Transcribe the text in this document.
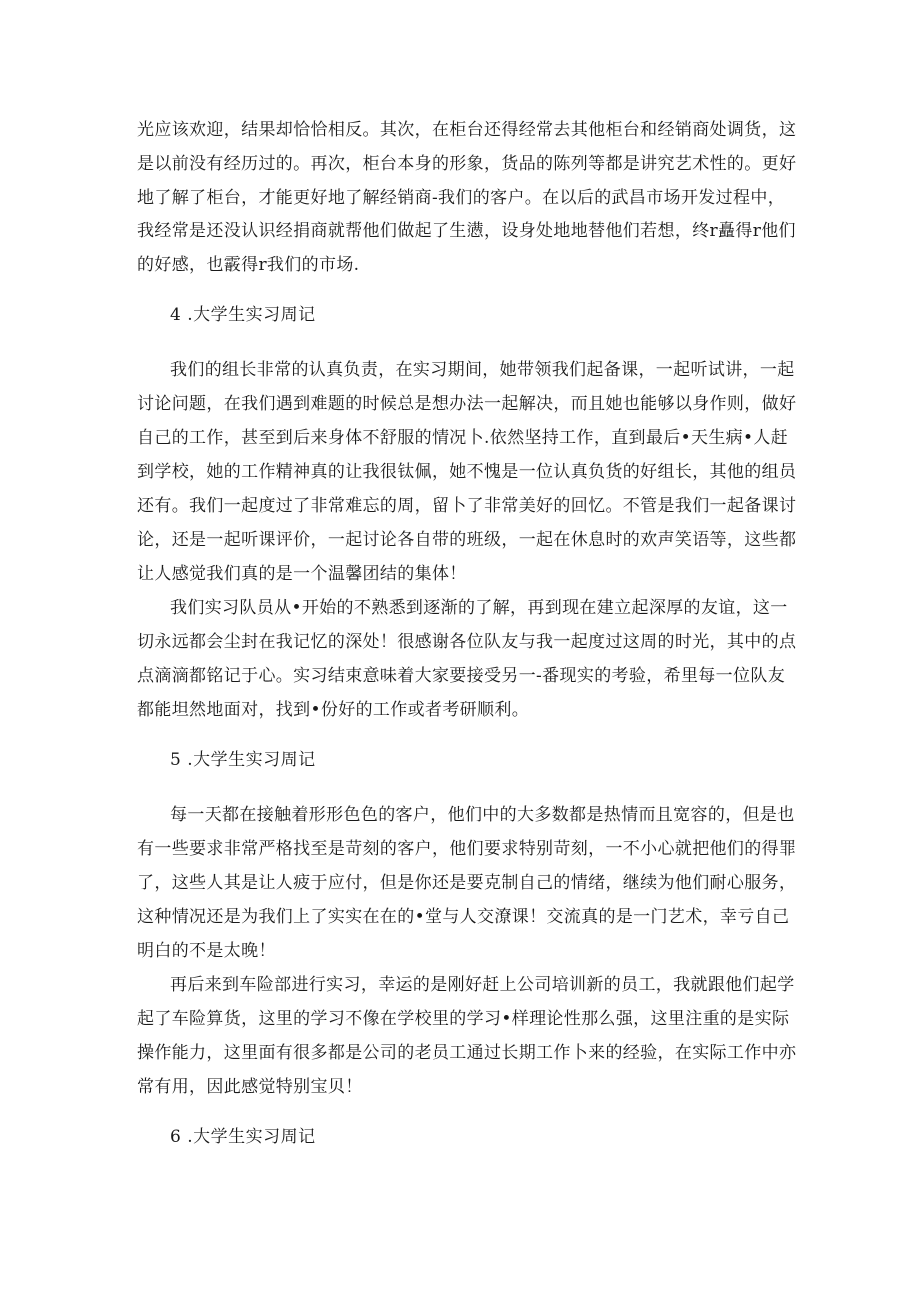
光应该欢迎，结果却恰恰相反。其次，在柜台还得经常去其他柜台和经销商处调货，这
是以前没有经历过的。再次，柜台本身的形象，货品的陈列等都是讲究艺术性的。更好
地了解了柜台，才能更好地了解经销商-我们的客户。在以后的武昌市场开发过程中，
我经常是还没认识经捐商就帮他们做起了生懑，设身处地地替他们若想，终r矗得r他们
的好感，也霰得r我们的市场.
4 .大学生实习周记
我们的组长非常的认真负责，在实习期间，她带领我们起备课，一起听试讲，一起
讨论问题，在我们遇到难题的时候总是想办法一起解决，而且她也能够以身作则，做好
自己的工作，甚至到后来身体不舒服的情况卜.依然坚持工作，直到最后•天生病•人赶
到学校，她的工作精神真的让我很钛佩，她不愧是一位认真负货的好组长，其他的组员
还有。我们一起度过了非常难忘的周，留卜了非常美好的回忆。不管是我们一起备课讨
论，还是一起听课评价，一起讨论各自带的班级，一起在休息时的欢声笑语等，这些都
让人感觉我们真的是一个温馨团结的集体！
我们实习队员从•开始的不熟悉到逐渐的了解，再到现在建立起深厚的友谊，这一
切永远都会尘封在我记忆的深处！很感谢各位队友与我一起度过这周的时光，其中的点
点滴滴都铭记于心。实习结束意味着大家要接受另一-番现实的考验，希里每一位队友
都能坦然地面对，找到•份好的工作或者考研顺利。
5 .大学生实习周记
每一天都在接触着形形色色的客户，他们中的大多数都是热情而且宽容的，但是也
有一些要求非常严格找至是苛刻的客户，他们要求特别苛刻，一不小心就把他们的得罪
了，这些人其是让人疲于应付，但是你还是要克制自己的情绪，继续为他们耐心服务，
这种情况还是为我们上了实实在在的•堂与人交潦课！交流真的是一门艺术，幸亏自己
明白的不是太晚！
再后来到车险部进行实习，幸运的是刚好赶上公司培训新的员工，我就跟他们起学
起了车险算货，这里的学习不像在学校里的学习•样理论性那么强，这里注重的是实际
操作能力，这里面有很多都是公司的老员工通过长期工作卜来的经验，在实际工作中亦
常有用，因此感觉特别宝贝！
6 .大学生实习周记
